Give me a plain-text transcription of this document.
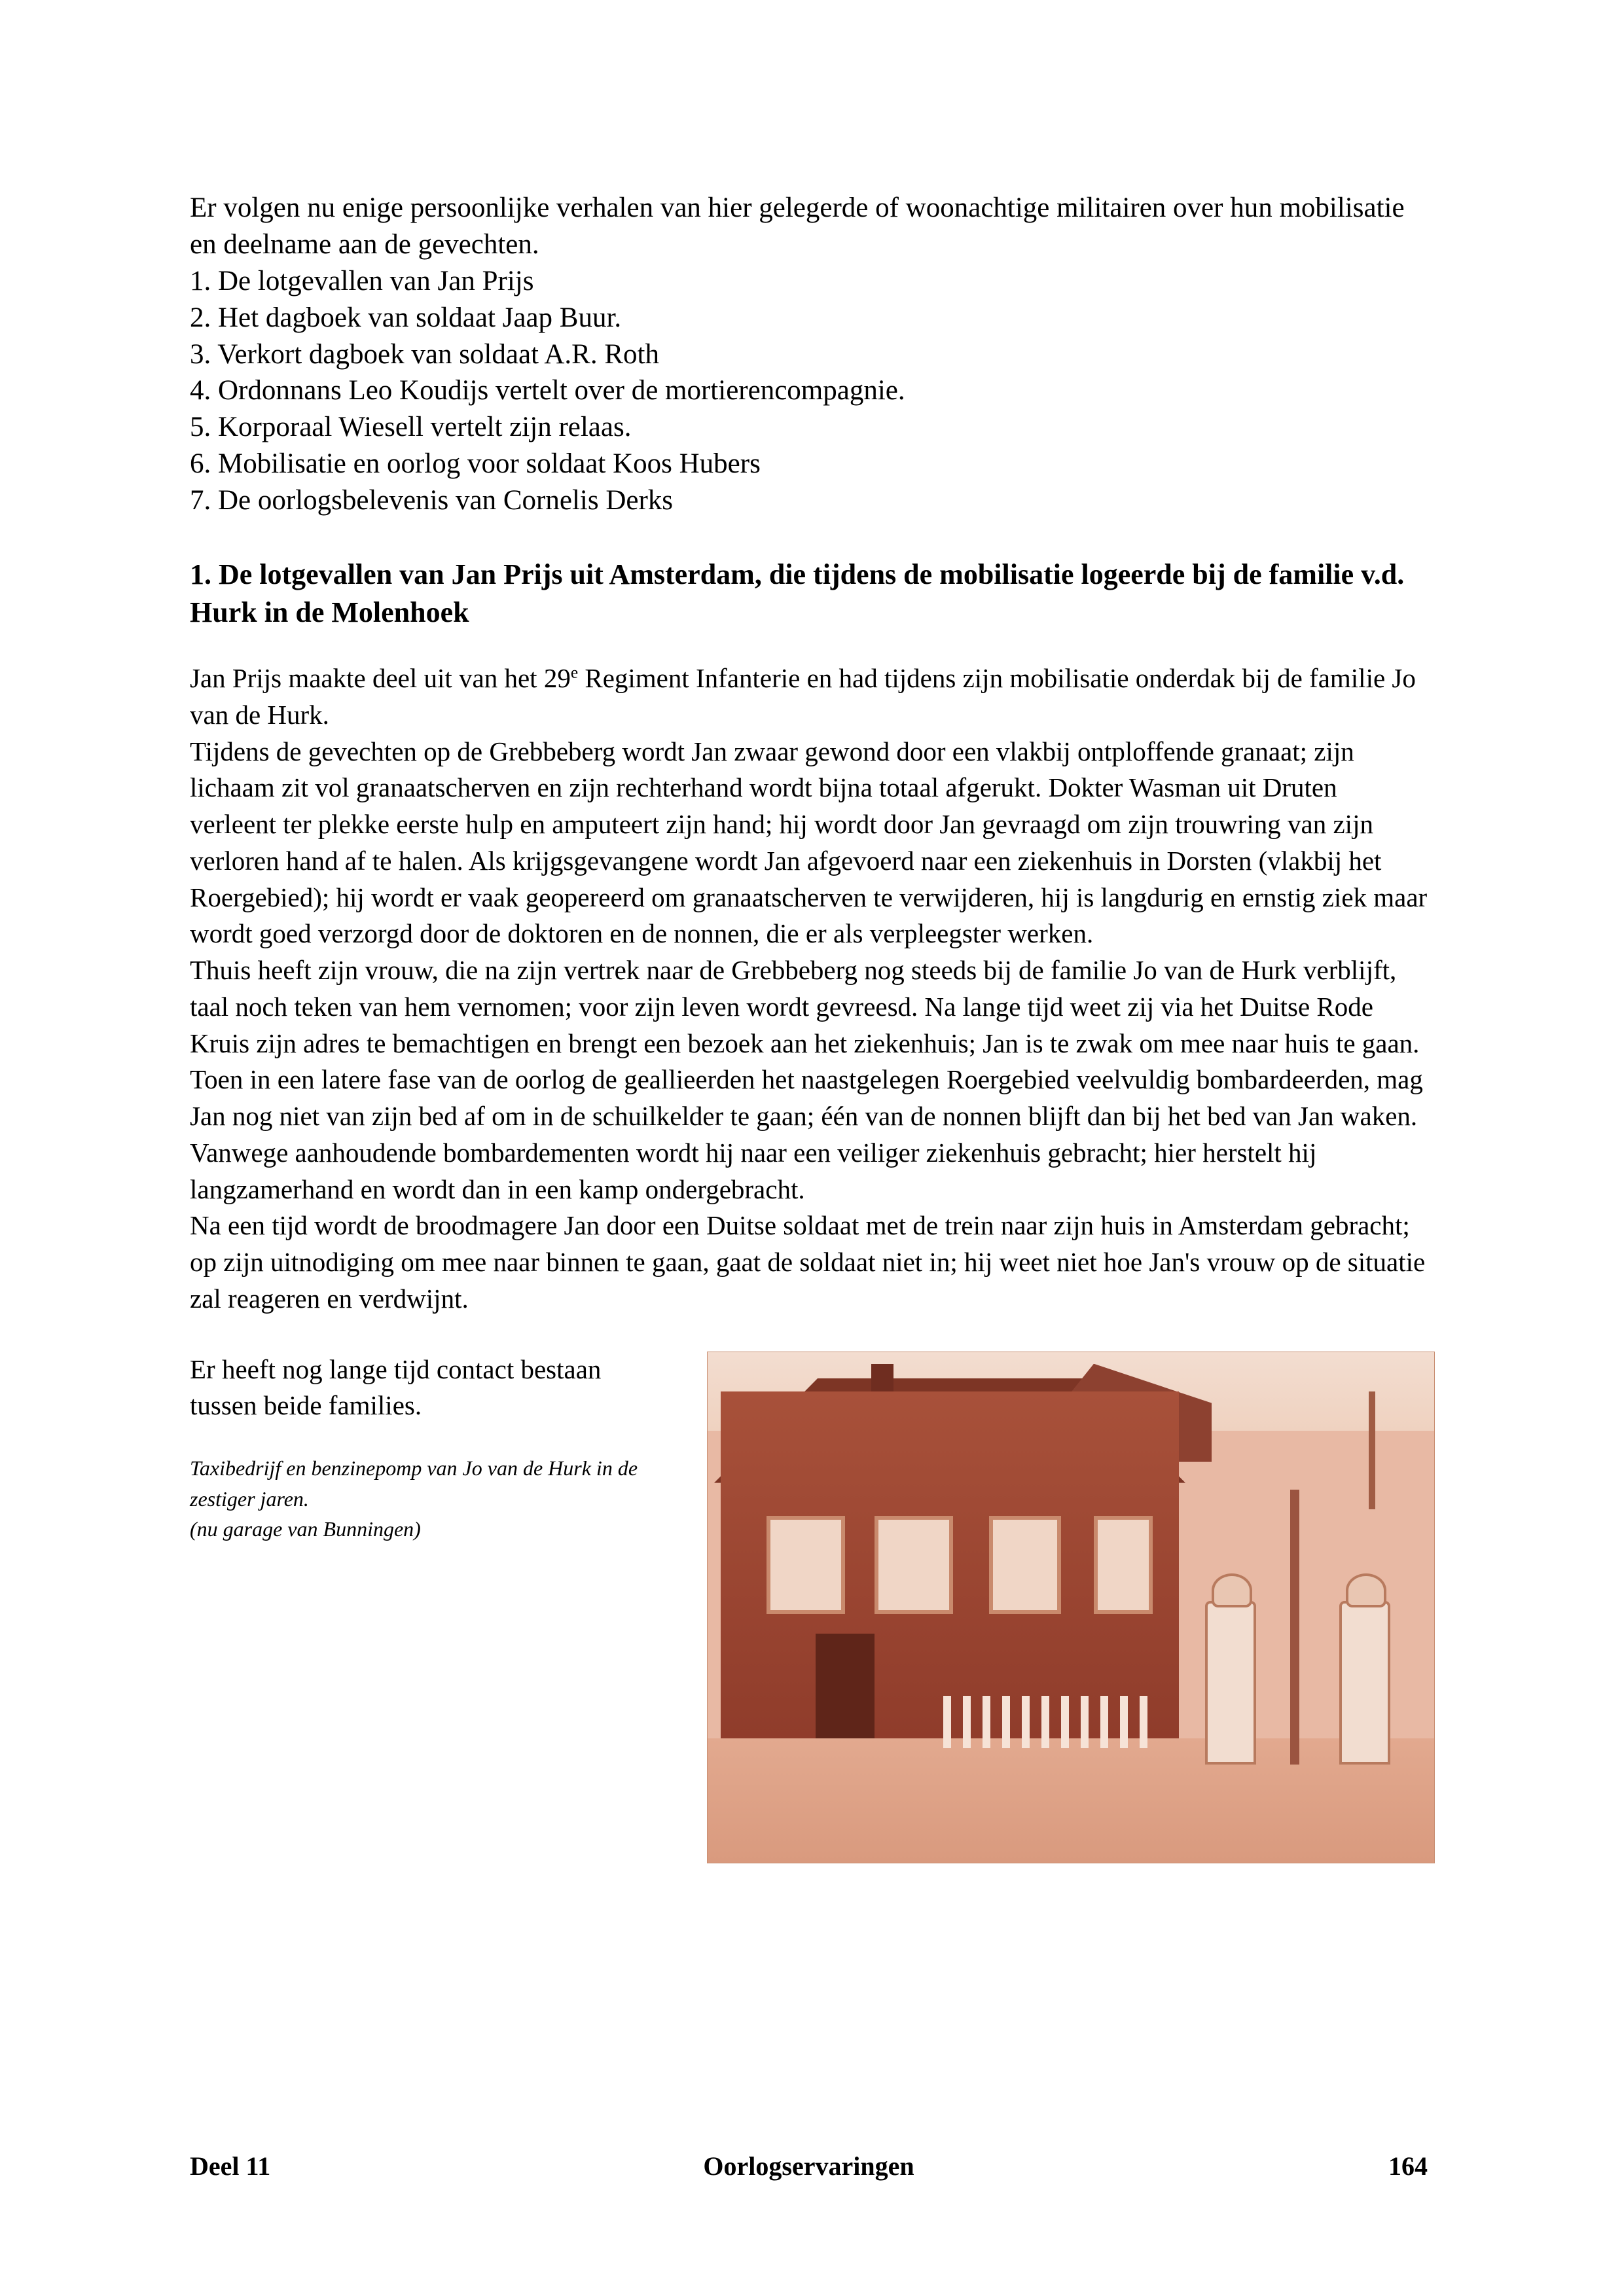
Er volgen nu enige persoonlijke verhalen van hier gelegerde of woonachtige militairen over hun mobilisatie en deelname aan de gevechten.

1. De lotgevallen van Jan Prijs
2. Het dagboek van soldaat Jaap Buur.
3. Verkort dagboek van soldaat A.R. Roth
4. Ordonnans Leo Koudijs vertelt over de mortierencompagnie.
5. Korporaal Wiesell vertelt zijn relaas.
6. Mobilisatie en oorlog voor soldaat Koos Hubers
7. De oorlogsbelevenis van Cornelis Derks
1. De lotgevallen van Jan Prijs uit Amsterdam, die tijdens de mobilisatie logeerde bij de familie v.d. Hurk in de Molenhoek

Jan Prijs maakte deel uit van het 29e Regiment Infanterie en had tijdens zijn mobilisatie onderdak bij de familie Jo van de Hurk.

Tijdens de gevechten op de Grebbeberg wordt Jan zwaar gewond door een vlakbij ontploffende granaat; zijn lichaam zit vol granaatscherven en zijn rechterhand wordt bijna totaal afgerukt. Dokter Wasman uit Druten verleent ter plekke eerste hulp en amputeert zijn hand; hij wordt door Jan gevraagd om zijn trouwring van zijn verloren hand af te halen. Als krijgsgevangene wordt Jan afgevoerd naar een ziekenhuis in Dorsten (vlakbij het Roergebied); hij wordt er vaak geopereerd om granaatscherven te verwijderen, hij is langdurig en ernstig ziek maar wordt goed verzorgd door de doktoren en de nonnen, die er als verpleegster werken.

Thuis heeft zijn vrouw, die na zijn vertrek naar de Grebbeberg nog steeds bij de familie Jo van de Hurk verblijft, taal noch teken van hem vernomen; voor zijn leven wordt gevreesd. Na lange tijd weet zij via het Duitse Rode Kruis zijn adres te bemachtigen en brengt een bezoek aan het ziekenhuis; Jan is te zwak om mee naar huis te gaan.

Toen in een latere fase van de oorlog de geallieerden het naastgelegen Roergebied veelvuldig bombardeerden, mag Jan nog niet van zijn bed af om in de schuilkelder te gaan; één van de nonnen blijft dan bij het bed van Jan waken. Vanwege aanhoudende bombardementen wordt hij naar een veiliger ziekenhuis gebracht; hier herstelt hij langzamerhand en wordt dan in een kamp ondergebracht.

Na een tijd wordt de broodmagere Jan door een Duitse soldaat met de trein naar zijn huis in Amsterdam gebracht; op zijn uitnodiging om mee naar binnen te gaan, gaat de soldaat niet in; hij weet niet hoe Jan's vrouw op de situatie zal reageren en verdwijnt.

Er heeft nog lange tijd contact bestaan tussen beide families.

Taxibedrijf en benzinepomp van Jo van de Hurk in de zestiger jaren.

(nu garage van Bunningen)

Deel 11	Oorlogservaringen	164
